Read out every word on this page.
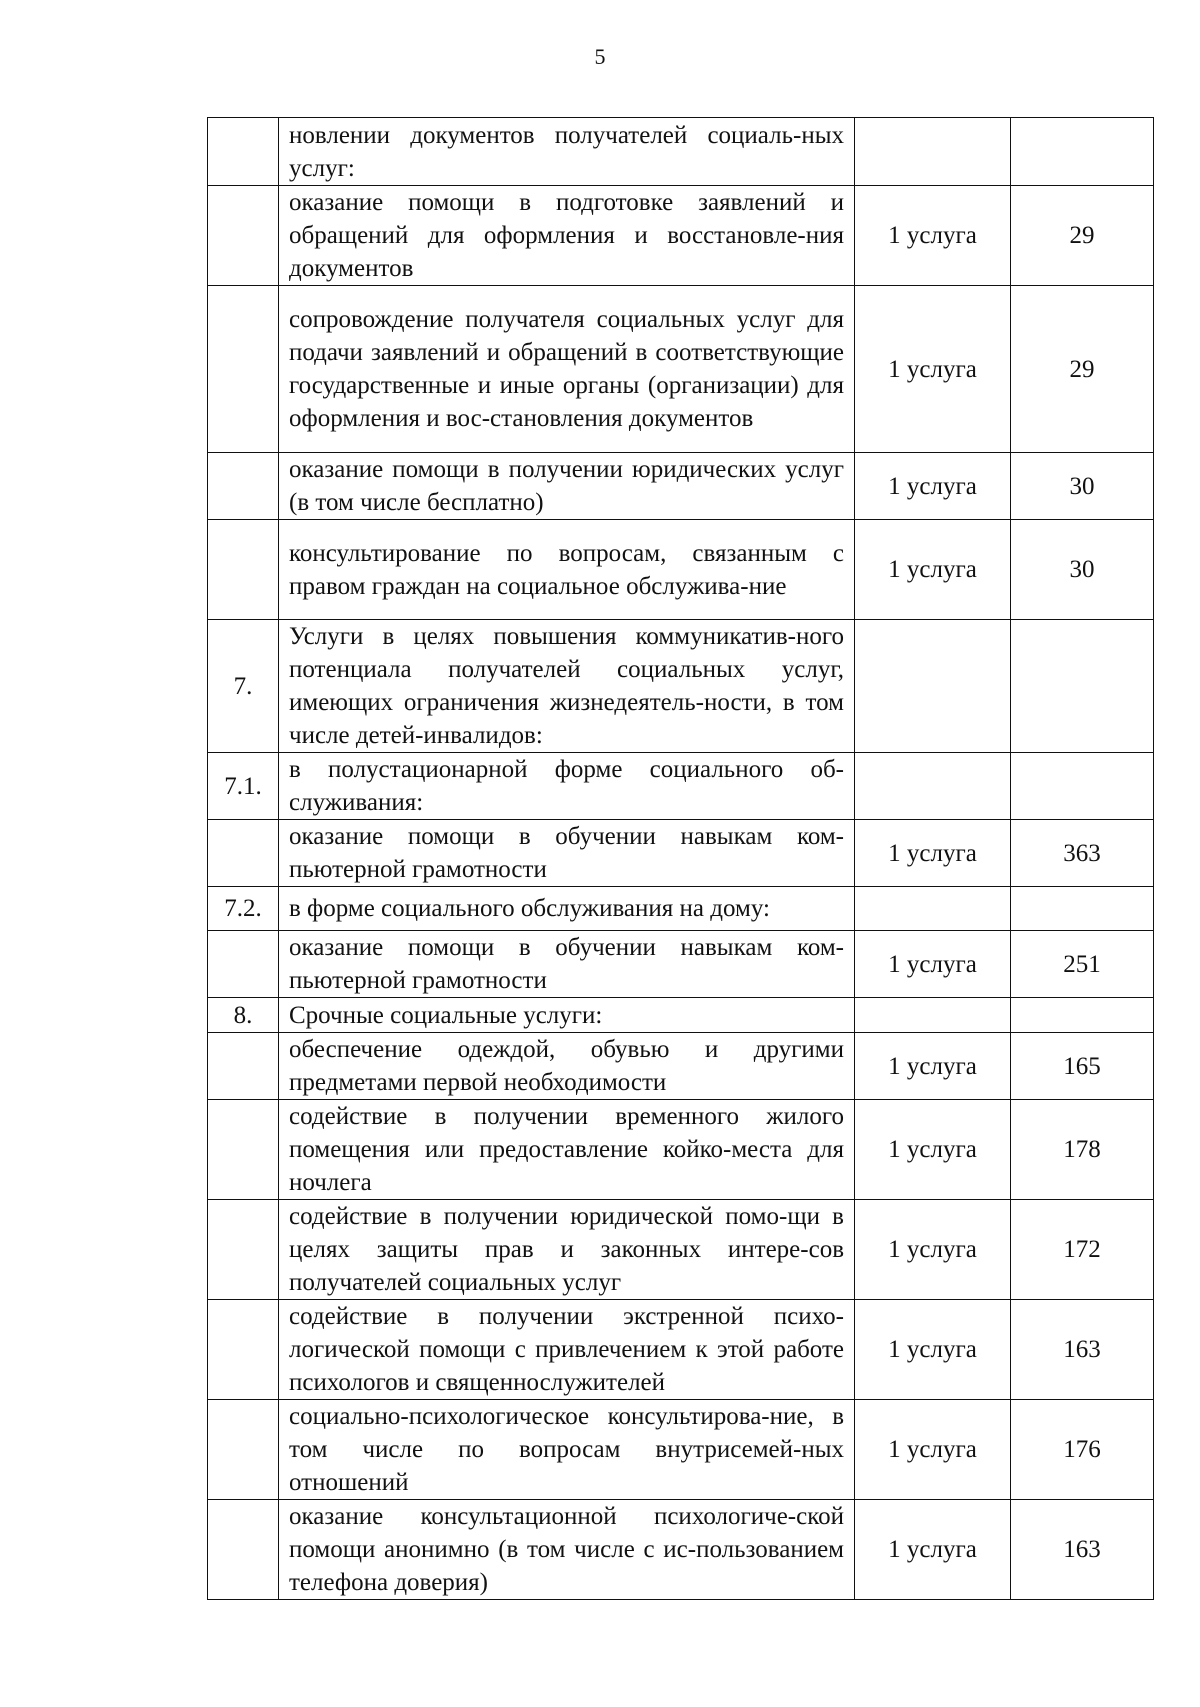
5
	новлении документов получателей социаль-ных услуг:		
	оказание помощи в подготовке заявлений и обращений для оформления и восстановле-ния документов	1 услуга	29
	сопровождение получателя социальных услуг для подачи заявлений и обращений в соответствующие государственные и иные органы (организации) для оформления и вос-становления документов	1 услуга	29
	оказание помощи в получении юридических услуг (в том числе бесплатно)	1 услуга	30
	консультирование по вопросам, связанным с правом граждан на социальное обслужива-ние	1 услуга	30
7.	Услуги в целях повышения коммуникатив-ного потенциала получателей социальных услуг, имеющих ограничения жизнедеятель-ности, в том числе детей-инвалидов:		
7.1.	в полустационарной форме социального об-служивания:		
	оказание помощи в обучении навыкам ком-пьютерной грамотности	1 услуга	363
7.2.	в форме социального обслуживания на дому:		
	оказание помощи в обучении навыкам ком-пьютерной грамотности	1 услуга	251
8.	Срочные социальные услуги:		
	обеспечение одеждой, обувью и другими предметами первой необходимости	1 услуга	165
	содействие в получении временного жилого помещения или предоставление койко-места для ночлега	1 услуга	178
	содействие в получении юридической помо-щи в целях защиты прав и законных интере-сов получателей социальных услуг	1 услуга	172
	содействие в получении экстренной психо-логической помощи с привлечением к этой работе психологов и священнослужителей	1 услуга	163
	социально-психологическое консультирова-ние, в том числе по вопросам внутрисемей-ных отношений	1 услуга	176
	оказание консультационной психологиче-ской помощи анонимно (в том числе с ис-пользованием телефона доверия)	1 услуга	163
